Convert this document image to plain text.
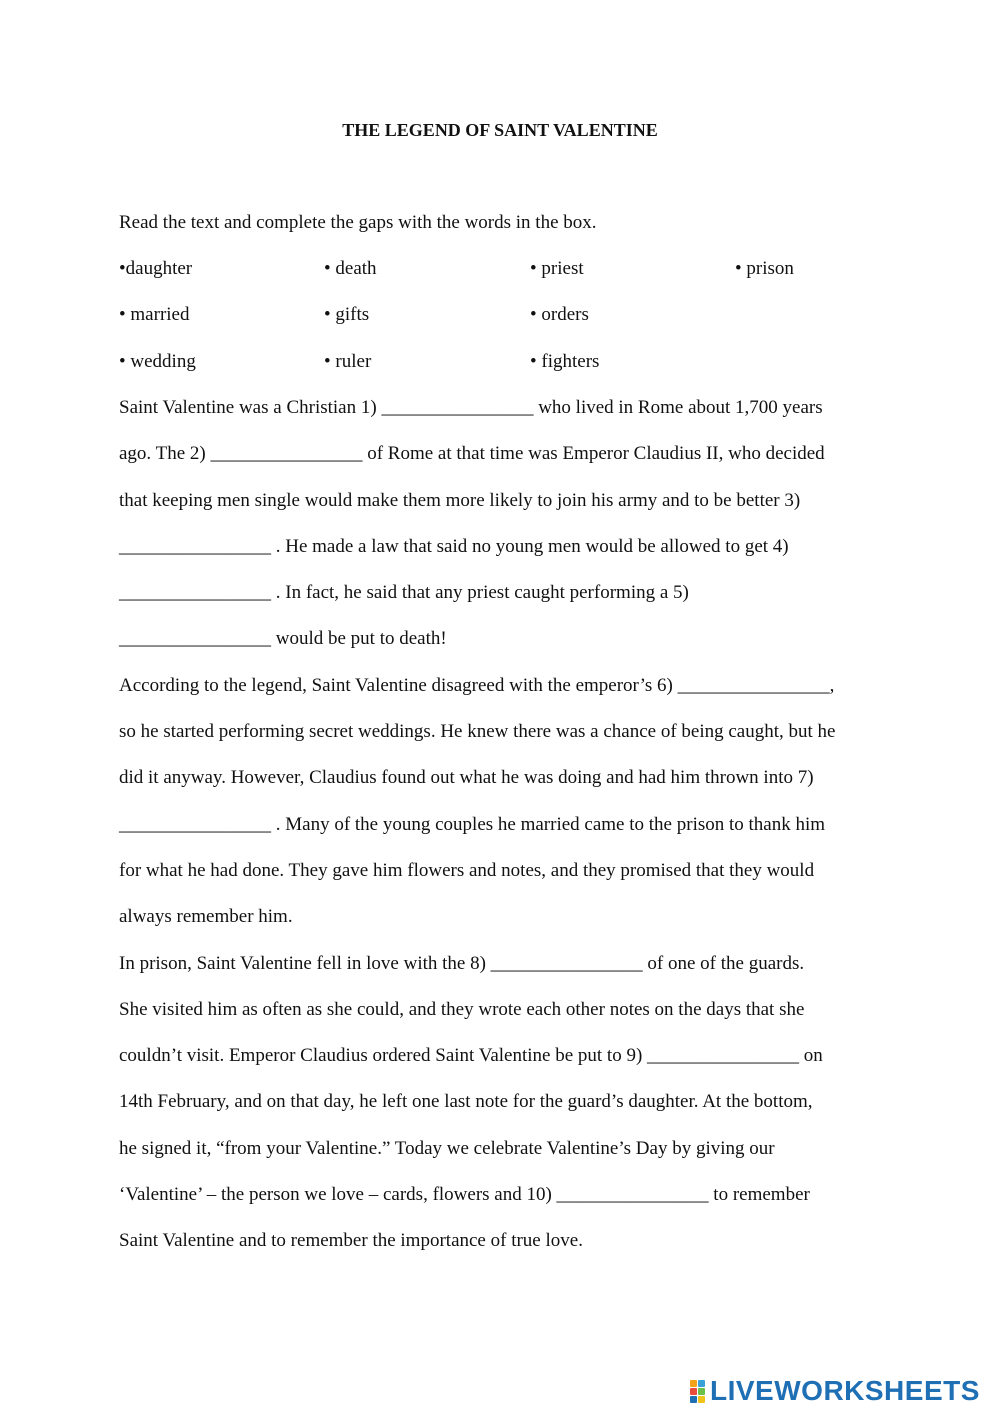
THE LEGEND OF SAINT VALENTINE
Read the text and complete the gaps with the words in the box.
•daughter	• death	• priest	• prison
• married	• gifts	• orders
• wedding	• ruler	• fighters
Saint Valentine was a Christian 1) ________________ who lived in Rome about 1,700 years
ago. The 2) ________________ of Rome at that time was Emperor Claudius II, who decided
that keeping men single would make them more likely to join his army and to be better 3)
________________ . He made a law that said no young men would be allowed to get 4)
________________ . In fact, he said that any priest caught performing a 5)
________________ would be put to death!
According to the legend, Saint Valentine disagreed with the emperor’s 6) ________________,
so he started performing secret weddings. He knew there was a chance of being caught, but he
did it anyway. However, Claudius found out what he was doing and had him thrown into 7)
________________ . Many of the young couples he married came to the prison to thank him
for what he had done. They gave him flowers and notes, and they promised that they would
always remember him.
In prison, Saint Valentine fell in love with the 8) ________________ of one of the guards.
She visited him as often as she could, and they wrote each other notes on the days that she
couldn’t visit. Emperor Claudius ordered Saint Valentine be put to 9) ________________ on
14th February, and on that day, he left one last note for the guard’s daughter. At the bottom,
he signed it, “from your Valentine.” Today we celebrate Valentine’s Day by giving our
‘Valentine’ – the person we love – cards, flowers and 10) ________________ to remember
Saint Valentine and to remember the importance of true love.
LIVEWORKSHEETS
